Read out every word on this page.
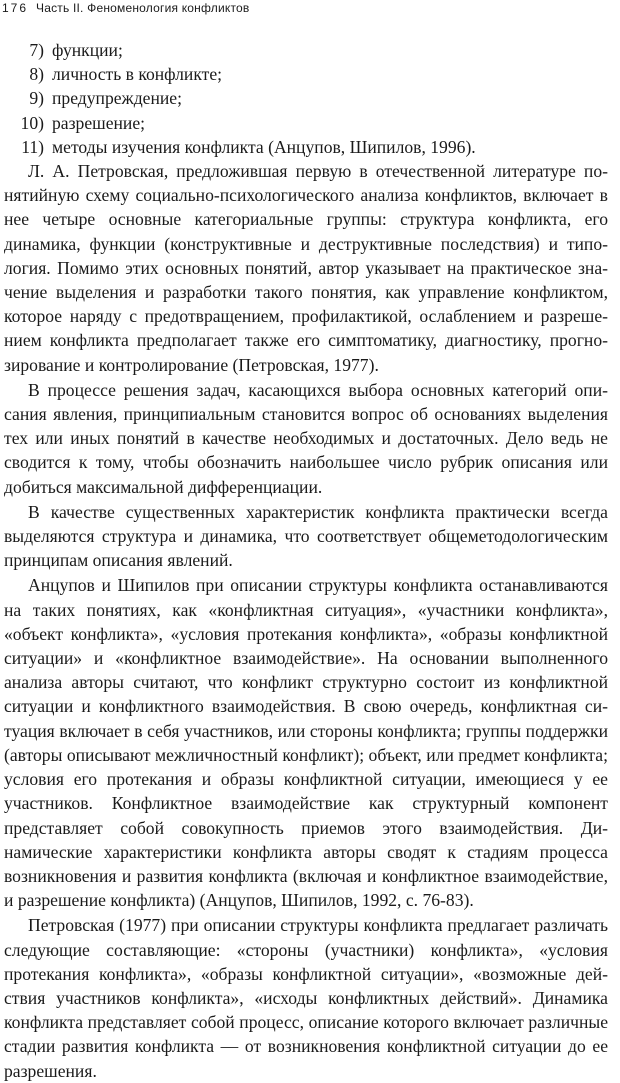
176 Часть II. Феноменология конфликтов
7) функции;
8) личность в конфликте;
9) предупреждение;
10) разрешение;
11) методы изучения конфликта (Анцупов, Шипилов, 1996).

Л. А. Петровская, предложившая первую в отечественной литературе понятийную схему социально-психологического анализа конфликтов, включает в нее четыре основные категориальные группы: структура конфликта, его динамика, функции (конструктивные и деструктивные последствия) и типология. Помимо этих основных понятий, автор указывает на практическое значение выделения и разработки такого понятия, как управление конфликтом, которое наряду с предотвращением, профилактикой, ослаблением и разрешением конфликта предполагает также его симптоматику, диагностику, прогнозирование и контролирование (Петровская, 1977).

В процессе решения задач, касающихся выбора основных категорий описания явления, принципиальным становится вопрос об основаниях выделения тех или иных понятий в качестве необходимых и достаточных. Дело ведь не сводится к тому, чтобы обозначить наибольшее число рубрик описания или добиться максимальной дифференциации.

В качестве существенных характеристик конфликта практически всегда выделяются структура и динамика, что соответствует общеметодологическим принципам описания явлений.

Анцупов и Шипилов при описании структуры конфликта останавливаются на таких понятиях, как «конфликтная ситуация», «участники конфликта», «объект конфликта», «условия протекания конфликта», «образы конфликтной ситуации» и «конфликтное взаимодействие». На основании выполненного анализа авторы считают, что конфликт структурно состоит из конфликтной ситуации и конфликтного взаимодействия. В свою очередь, конфликтная ситуация включает в себя участников, или стороны конфликта; группы поддержки (авторы описывают межличностный конфликт); объект, или предмет конфликта; условия его протекания и образы конфликтной ситуации, имеющиеся у ее участников. Конфликтное взаимодействие как структурный компонент представляет собой совокупность приемов этого взаимодействия. Динамические характеристики конфликта авторы сводят к стадиям процесса возникновения и развития конфликта (включая и конфликтное взаимодействие, и разрешение конфликта) (Анцупов, Шипилов, 1992, с. 76-83).

Петровская (1977) при описании структуры конфликта предлагает различать следующие составляющие: «стороны (участники) конфликта», «условия протекания конфликта», «образы конфликтной ситуации», «возможные действия участников конфликта», «исходы конфликтных действий». Динамика конфликта представляет собой процесс, описание которого включает различные стадии развития конфликта — от возникновения конфликтной ситуации до ее разрешения.
